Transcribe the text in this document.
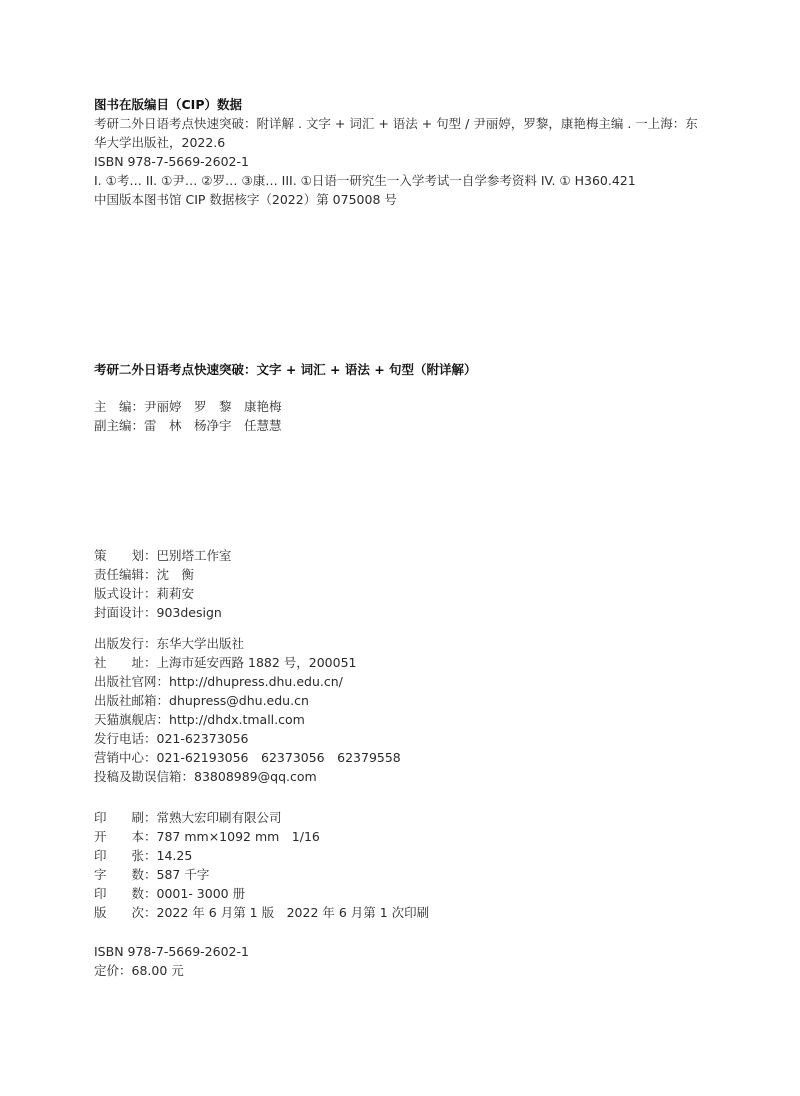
图书在版编目（CIP）数据
考研二外日语考点快速突破：附详解 . 文字 + 词汇 + 语法 + 句型 / 尹丽婷，罗黎，康艳梅主编 . 一上海：东华大学出版社，2022.6
ISBN 978-7-5669-2602-1
I. ①考… II. ①尹… ②罗… ③康… III. ①日语一研究生一入学考试一自学参考资料 IV. ① H360.421
中国版本图书馆 CIP 数据核字（2022）第 075008 号
考研二外日语考点快速突破：文字 + 词汇 + 语法 + 句型（附详解）
主　编： 尹丽婷　罗　黎　康艳梅
副主编： 雷　林　杨净宇　任慧慧
策　　划： 巴别塔工作室
责任编辑： 沈　衡
版式设计： 莉莉安
封面设计： 903design
出版发行： 东华大学出版社
社　　址： 上海市延安西路 1882 号，200051
出版社官网： http://dhupress.dhu.edu.cn/
出版社邮箱： dhupress@dhu.edu.cn
天猫旗舰店： http://dhdx.tmall.com
发行电话： 021-62373056
营销中心： 021-62193056　62373056　62379558
投稿及勘误信箱： 83808989@qq.com
印　　刷： 常熟大宏印刷有限公司
开　　本： 787 mm×1092 mm　1/16
印　　张： 14.25
字　　数： 587 千字
印　　数： 0001- 3000 册
版　　次： 2022 年 6 月第 1 版　2022 年 6 月第 1 次印刷
ISBN 978-7-5669-2602-1
定价：68.00 元
